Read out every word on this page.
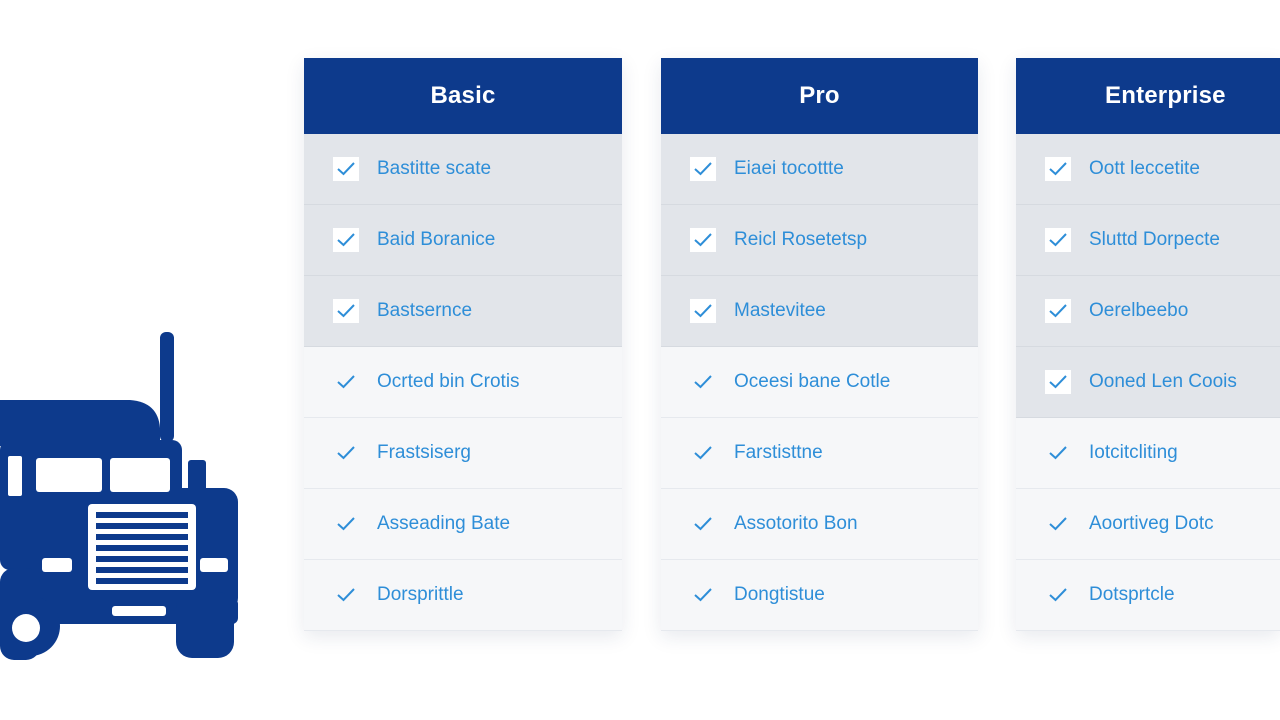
Basic
Bastitte scate
Baid Boranice
Bastsernce
Ocrted bin Crotis
Frastsiserg
Asseading Bate
Dorsprittle
Pro
Eiaei tocottte
Reicl Rosetetsp
Mastevitee
Oceesi bane Cotle
Farstisttne
Assotorito Bon
Dongtistue
Enterprise
Oott leccetite
Sluttd Dorpecte
Oerelbeebo
Ooned Len Coois
Iotcitcliting
Aoortiveg Dotc
Dotsprtcle
